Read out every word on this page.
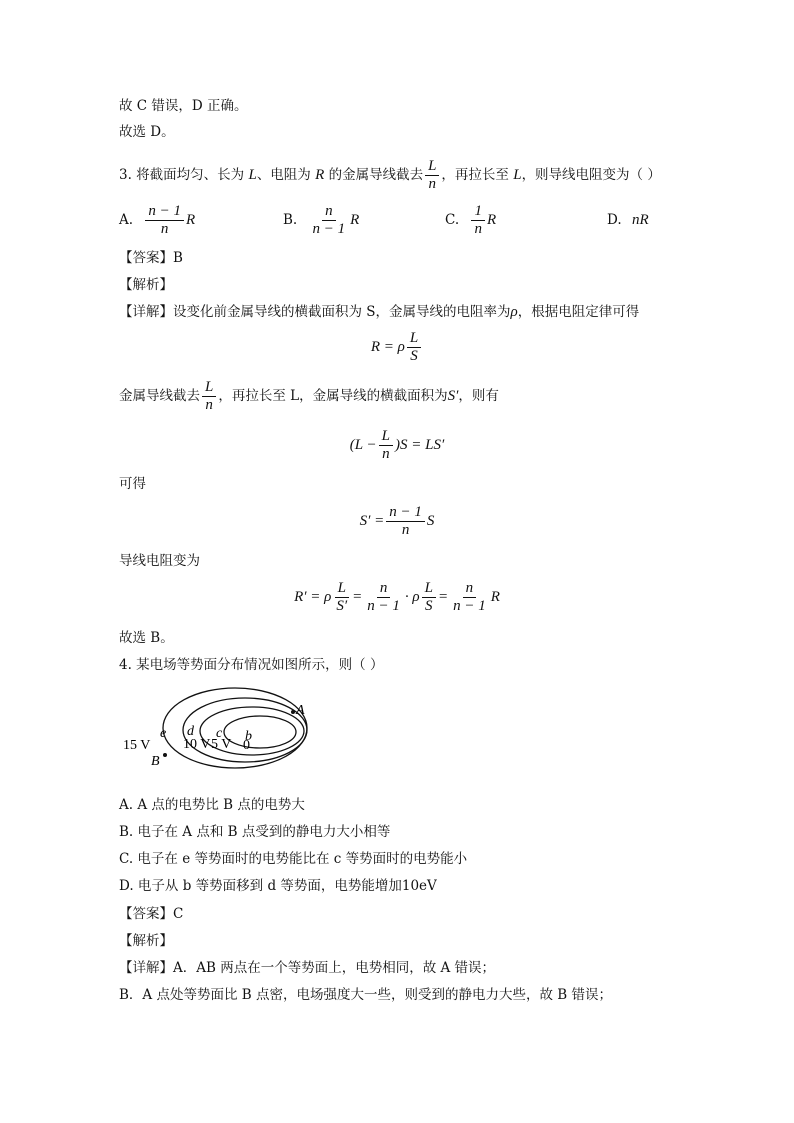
故 C 错误，D 正确。
故选 D。
3. 将截面均匀、长为 L、电阻为 R 的金属导线截去 $\frac{L}{n}$ ，再拉长至 L，则导线电阻变为（ ）
A. $\frac{n - 1}{n}$ R	B. $\frac{n}{n - 1}$ R	C. $\frac{1}{n}$ R	D. nR
【答案】B
【解析】
【详解】设变化前金属导线的横截面积为 S，金属导线的电阻率为ρ，根据电阻定律可得
R = ρ $\frac{L}{S}$
金属导线截去 $\frac{L}{n}$ ，再拉长至 L，金属导线的横截面积为S′，则有
$(L - \frac{L}{n} )S = LS'$
可得
$S' = \frac{n - 1}{n}$ S
导线电阻变为
R′ = ρ $\frac{L}{S'} = \frac{n}{n - 1} \cdot \rho \frac{L}{S} = \frac{n}{n - 1}$ R
故选 B。
4. 某电场等势面分布情况如图所示，则（ ）
15 V
e d
10 V
c
5 V
b
0
A
B
A. A 点的电势比 B 点的电势大
B. 电子在 A 点和 B 点受到的静电力大小相等
C. 电子在 e 等势面时的电势能比在 c 等势面时的电势能小
D. 电子从 b 等势面移到 d 等势面，电势能增加10eV
【答案】C
【解析】
【详解】A．AB 两点在一个等势面上，电势相同，故 A 错误；
B．A 点处等势面比 B 点密，电场强度大一些，则受到的静电力大些，故 B 错误；
